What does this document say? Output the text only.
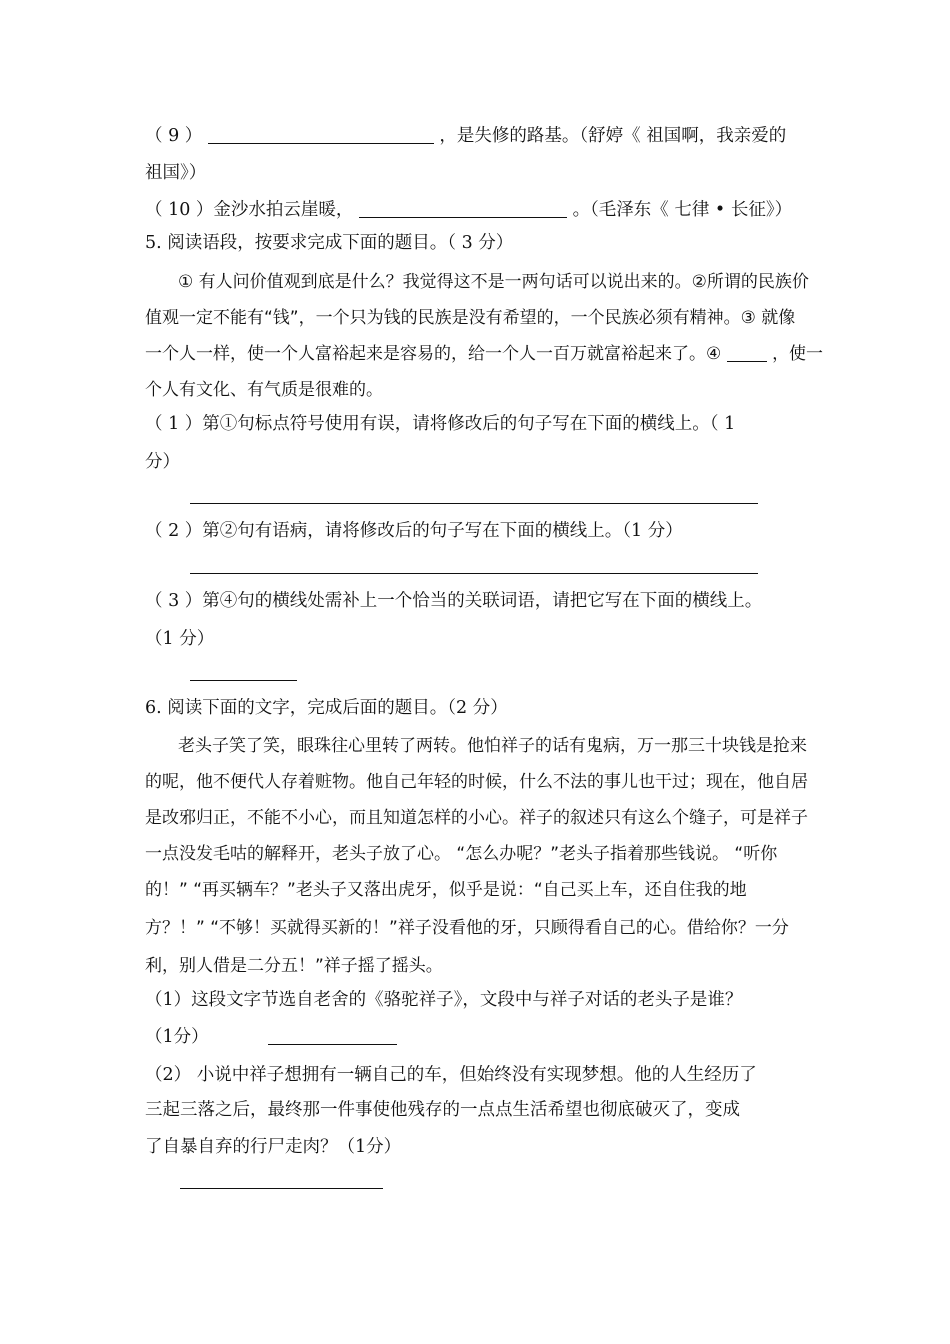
（ 9 ）	，是失修的路基。（舒婷《 祖国啊，我亲爱的
祖国》）
（ 10 ）金沙水拍云崖暖，	。（毛泽东《 七律 • 长征》）
5. 阅读语段，按要求完成下面的题目。（ 3 分）
① 有人问价值观到底是什么？我觉得这不是一两句话可以说出来的。②所谓的民族价
值观一定不能有“钱”，一个只为钱的民族是没有希望的，一个民族必须有精神。③ 就像
一个人一样，使一个人富裕起来是容易的，给一个人一百万就富裕起来了。④	，使一
个人有文化、有气质是很难的。
（ 1 ）第①句标点符号使用有误，请将修改后的句子写在下面的横线上。（ 1
分）
（ 2 ）第②句有语病，请将修改后的句子写在下面的横线上。（1 分）
（ 3 ）第④句的横线处需补上一个恰当的关联词语，请把它写在下面的横线上。
（1 分）
6. 阅读下面的文字，完成后面的题目。（2 分）
老头子笑了笑，眼珠往心里转了两转。他怕祥子的话有鬼病，万一那三十块钱是抢来
的呢，他不便代人存着赃物。他自己年轻的时候，什么不法的事儿也干过；现在，他自居
是改邪归正，不能不小心，而且知道怎样的小心。祥子的叙述只有这么个缝子，可是祥子
一点没发毛咕的解释开，老头子放了心。 “怎么办呢？”老头子指着那些钱说。 “听你
的！” “再买辆车？”老头子又落出虎牙，似乎是说：“自己买上车，还自住我的地
方？！” “不够！买就得买新的！”祥子没看他的牙，只顾得看自己的心。借给你？一分
利，别人借是二分五！”祥子摇了摇头。
（1）这段文字节选自老舍的《骆驼祥子》，文段中与祥子对话的老头子是谁？
（1分）
（2） 小说中祥子想拥有一辆自己的车，但始终没有实现梦想。他的人生经历了
三起三落之后，最终那一件事使他残存的一点点生活希望也彻底破灭了，变成
了自暴自弃的行尸走肉？（1分）
